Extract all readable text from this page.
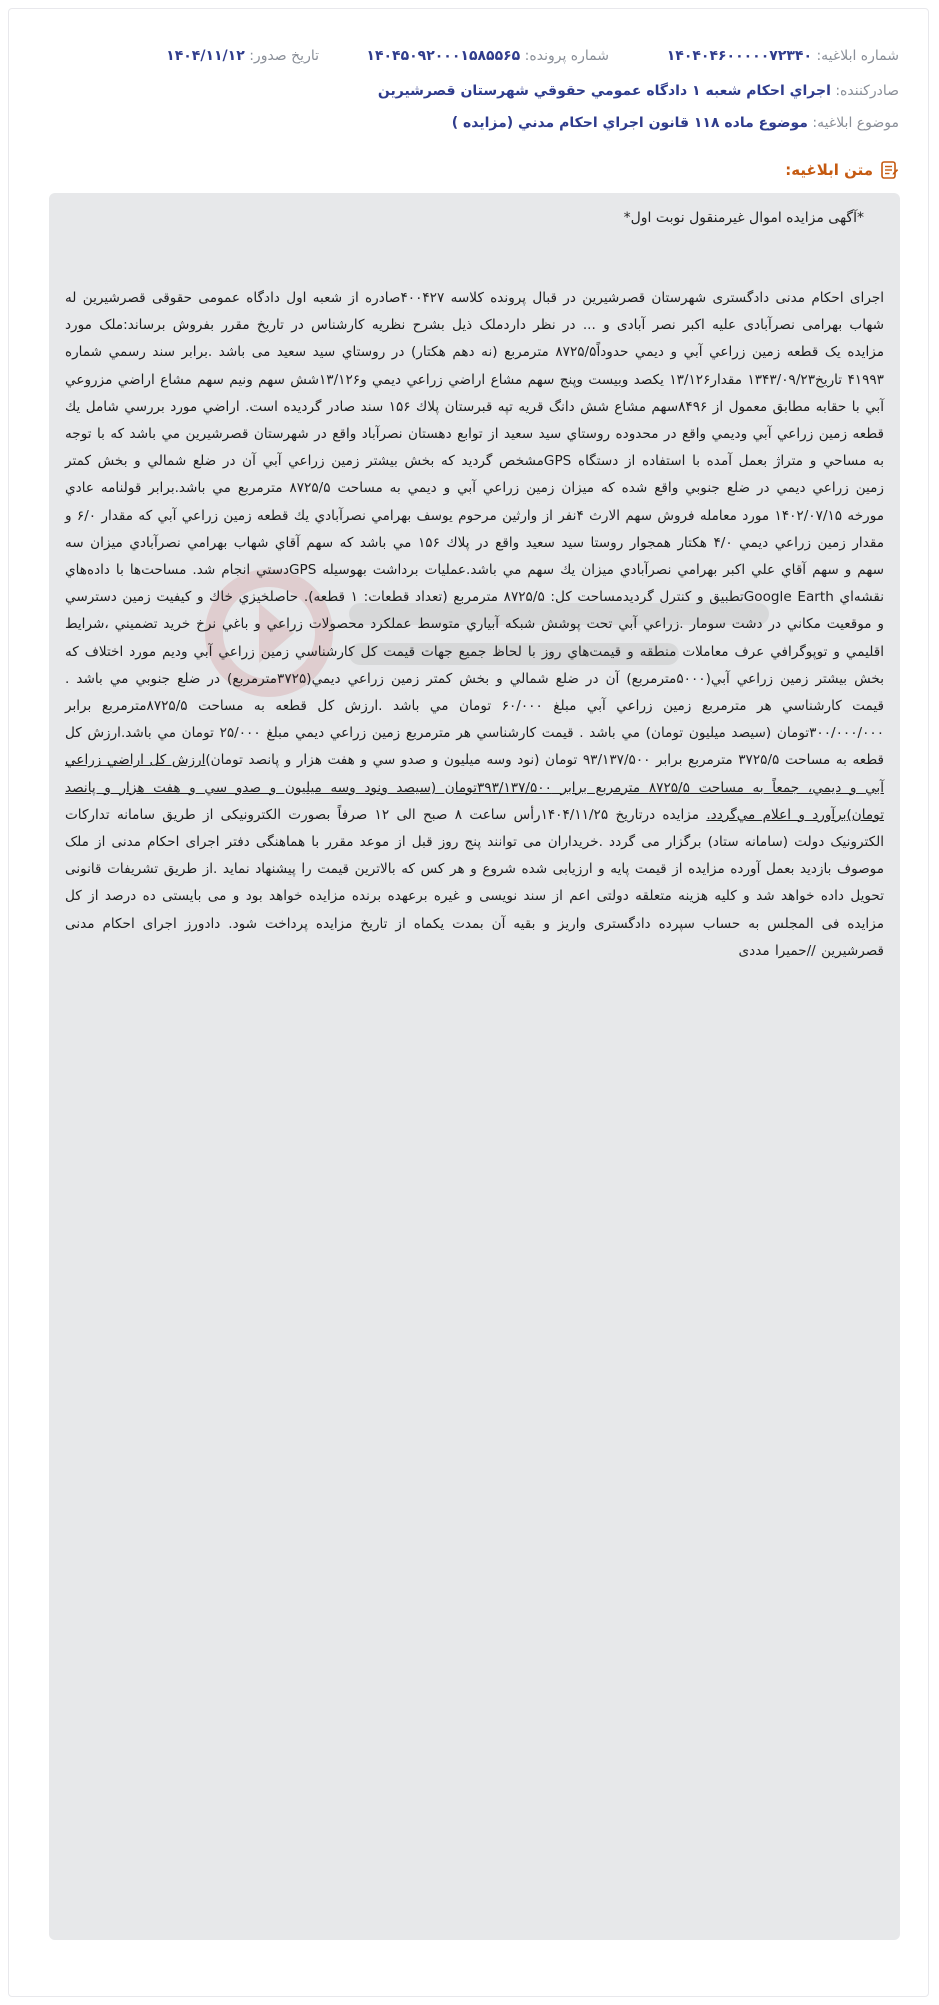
شماره ابلاغيه: ۱۴۰۴۰۴۶۰۰۰۰۰۷۲۳۴۰
شماره پرونده: ۱۴۰۴۵۰۹۲۰۰۰۱۵۸۵۵۶۵
تاريخ صدور: ۱۴۰۴/۱۱/۱۲
صادرکننده: اجراي احكام شعبه ۱ دادگاه عمومي حقوقي شهرستان قصرشيرين
موضوع ابلاغيه: موضوع ماده ۱۱۸ قانون اجراي احكام مدني (مزايده )
متن ابلاغيه:
*آگهی مزایده اموال غیرمنقول نوبت اول*

اجرای احکام مدنی دادگستری شهرستان قصرشیرین در قبال پرونده کلاسه ۴۰۰۴۲۷صادره از شعبه اول دادگاه عمومی حقوقی قصرشیرین له شهاب بهرامی نصرآبادی علیه اکبر نصر آبادی و ... در نظر داردملک ذیل بشرح نظریه کارشناس در تاریخ مقرر بفروش برساند:ملک مورد مزایده یک قطعه زمین زراعي آبي و ديمي حدوداً۸۷۲۵/۵ مترمربع (نه دهم هکتار) در روستاي سيد سعيد می باشد .برابر سند رسمي شماره ۴۱۹۹۳ تاريخ۱۳۴۳/۰۹/۲۳ مقدار۱۳/۱۲۶ يكصد وبيست وپنج سهم مشاع اراضي زراعي ديمي و۱۳/۱۲۶شش سهم ونیم سهم مشاع اراضي مزروعي آبي با حقابه مطابق معمول از ۸۴۹۶سهم مشاع شش دانگ قريه تپه قبرستان پلاك ۱۵۶ سند صادر گرديده است. اراضي مورد بررسي شامل يك قطعه زمين زراعي آبي وديمي واقع در محدوده روستاي سيد سعيد از توابع دهستان نصرآباد واقع در شهرستان قصرشيرين مي باشد كه با توجه به مساحي و متراژ بعمل آمده با استفاده از دستگاه GPSمشخص گرديد كه بخش بيشتر زمين زراعي آبي آن در ضلع شمالي و بخش كمتر زمين زراعي ديمي در ضلع جنوبي واقع شده كه ميزان زمين زراعي آبي و ديمي به مساحت ۸۷۲۵/۵ مترمربع مي باشد.برابر قولنامه عادي مورخه ۱۴۰۲/۰۷/۱۵ مورد معامله فروش سهم الارث ۴نفر از وارثين مرحوم يوسف بهرامي نصرآبادي يك قطعه زمين زراعي آبي كه مقدار ۶/۰ و مقدار زمين زراعي ديمي ۴/۰ هكتار همجوار روستا سيد سعيد واقع در پلاك ۱۵۶ مي باشد كه سهم آقاي شهاب بهرامي نصرآبادي ميزان سه سهم و سهم آقاي علي اكبر بهرامي نصرآبادي ميزان يك سهم مي باشد.عمليات برداشت بهوسيله GPSدستي انجام شد. مساحت‌ها با داده‌هاي نقشه‌اي Google Earthتطبيق و كنترل گرديدمساحت كل: ۸۷۲۵/۵ مترمربع (تعداد قطعات: ۱ قطعه). حاصلخيزي خاك و كيفيت زمين دسترسي و موقعيت مكاني در دشت سومار .زراعي آبي تحت پوشش شبكه آبياري متوسط عملكرد محصولات زراعي و باغي نرخ خريد تضميني ،شرايط اقليمي و توپوگرافي عرف معاملات منطقه و قيمت‌هاي روز با لحاظ جميع جهات قيمت كل كارشناسي زمين زراعي آبي وديم مورد اختلاف كه بخش بيشتر زمين زراعي آبي(۵۰۰۰مترمربع) آن در ضلع شمالي و بخش كمتر زمين زراعي ديمي(۳۷۲۵مترمربع) در ضلع جنوبي مي باشد . قيمت كارشناسي هر مترمربع زمين زراعي آبي مبلغ ۶۰/۰۰۰ تومان مي باشد .ارزش كل قطعه به مساحت ۸۷۲۵/۵مترمربع برابر ۳۰۰/۰۰۰/۰۰۰تومان (سيصد ميليون تومان) مي باشد . قيمت كارشناسي هر مترمربع زمين زراعي ديمي مبلغ ۲۵/۰۰۰ تومان مي باشد.ارزش كل قطعه به مساحت ۳۷۲۵/۵ مترمربع برابر ۹۳/۱۳۷/۵۰۰ تومان (نود وسه ميليون و صدو سي و هفت هزار و پانصد تومان)ارزش كل اراضي زراعي آبي و ديمي، جمعاً به مساحت ۸۷۲۵/۵ مترمربع برابر ۳۹۳/۱۳۷/۵۰۰تومان (سيصد ونود وسه ميليون و صدو سي و هفت هزار و پانصد تومان)برآورد و اعلام مي‌گردد. مزایده درتاریخ ۱۴۰۴/۱۱/۲۵رأس ساعت ۸ صبح الی ۱۲ صرفاً بصورت الکترونیکی از طریق سامانه تدارکات الکترونیک دولت (سامانه ستاد) برگزار می گردد .خریداران می توانند پنج روز قبل از موعد مقرر با هماهنگی دفتر اجرای احکام مدنی از ملک موصوف بازدید بعمل آورده مزایده از قیمت پایه و ارزیابی شده شروع و هر کس که بالاترین قیمت را پیشنهاد نماید .از طریق تشریفات قانونی تحویل داده خواهد شد و کلیه هزینه متعلقه دولتی اعم از سند نویسی و غیره برعهده برنده مزایده خواهد بود و می بایستی ده درصد از کل مزایده فی المجلس به حساب سپرده دادگستری واریز و بقیه آن بمدت یکماه از تاریخ مزایده پرداخت شود. دادورز اجرای احکام مدنی قصرشیرین //حمیرا مددی
